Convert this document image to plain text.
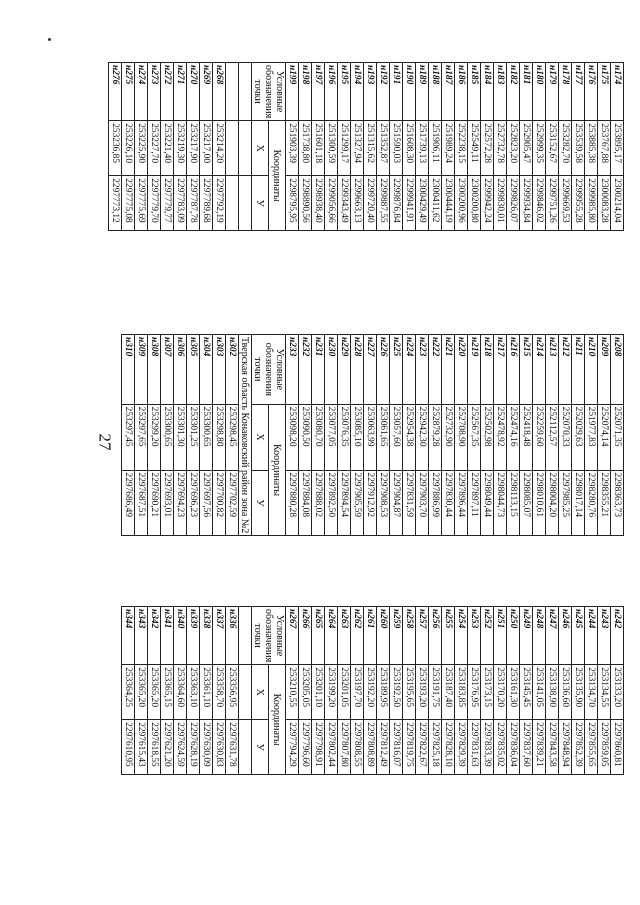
27
н174	253895,17	2300214,04
н175	253767,88	2300083,28
н176	253885,38	2299985,80
н177	253539,58	2299955,28
н178	253282,70	2299669,53
н179	253152,67	2299751,26
н180	252999,35	2299846,02
н181	252905,47	2299934,84
н182	252823,20	2299826,07
н183	252732,78	2299830,01
н184	252572,28	2299942,24
н185	252549,11	2300200,80
н186	252238,15	2300200,96
н187	251989,24	2300444,19
н188	251906,11	2300411,62
н189	251739,13	2300429,49
н190	251608,30	2299941,91
н191	251590,03	2299876,84
н192	251352,87	2299887,55
н193	251315,62	2299720,40
н194	251327,94	2299663,13
н195	251299,17	2299343,49
н196	251300,59	2299056,66
н197	251601,18	2298938,40
н198	251738,80	2298890,56
н199	251903,39	2298795,95
Условные обозначения точки	Координаты	
	X	У

н268	253214,20	2297792,19
н269	253217,00	2297789,68
н270	253217,90	2297787,78
н271	253219,30	2297783,09
н272	253221,40	2297779,77
н273	253227,70	2297779,70
н274	253225,90	2297775,69
н275	253226,10	2297775,08
н276	253236,85	2297773,12
н208	252071,35	2298363,73
н209	252074,14	2298355,21
н210	251977,83	2298280,76
н211	252029,63	2298017,14
н212	252070,33	2297985,25
н213	252112,57	2298004,20
н214	252259,60	2298010,61
н215	252418,48	2298085,07
н216	252474,16	2298113,15
н217	252478,92	2298044,73
н218	252502,98	2298049,44
н219	252567,35	2297897,11
н220	252708,90	2297896,44
н221	252732,90	2297830,44
н222	252879,28	2297886,99
н223	252942,30	2297903,70
н224	252954,38	2297831,59
н225	253057,60	2297904,87
н226	253061,65	2297908,53
н227	253063,99	2297912,92
н228	253085,10	2297905,59
н229	253076,35	2297894,54
н230	253077,05	2297892,50
н231	253080,70	2297888,02
н232	253090,50	2297884,08
н233	253098,20	2297880,28
Условные обозначения точки	Координаты	
	X	У
Тверская область Конаковский район зона №2		
н302	253298,45	2297702,59
н303	253298,80	2297700,82
н304	253300,65	2297697,56
н305	253301,25	2297696,23
н306	253301,30	2297694,23
н307	253300,65	2297693,01
н308	253299,20	2297690,21
н309	253297,65	2297687,51
н310	253297,45	2297686,49
н242	253133,20	2297860,81
н243	253134,55	2297859,05
н244	253134,70	2297855,65
н245	253135,90	2297852,39
н246	253136,60	2297848,94
н247	253138,90	2297843,58
н248	253141,05	2297839,21
н249	253145,45	2297837,60
н250	253161,30	2297836,04
н251	253170,20	2297835,02
н252	253173,15	2297833,39
н253	253176,95	2297831,63
н254	253183,85	2297829,39
н255	253187,40	2297828,10
н256	253191,75	2297825,18
н257	253193,20	2297822,67
н258	253195,65	2297819,75
н259	253192,50	2297816,07
н260	253189,95	2297812,49
н261	253192,20	2297808,89
н262	253197,70	2297808,55
н263	253201,05	2297807,80
н264	253199,20	2297802,44
н265	253201,10	2297798,91
н266	253205,05	2297796,60
н267	253210,55	2297794,29
Условные обозначения точки	Координаты	
	X	У

н336	253356,95	2297631,78
н337	253358,70	2297630,83
н338	253361,10	2297630,09
н339	253363,10	2297628,19
н340	253364,60	2297624,59
н341	253365,15	2297621,20
н342	253365,20	2297618,55
н343	253365,20	2297615,43
н344	253364,25	2297610,95
